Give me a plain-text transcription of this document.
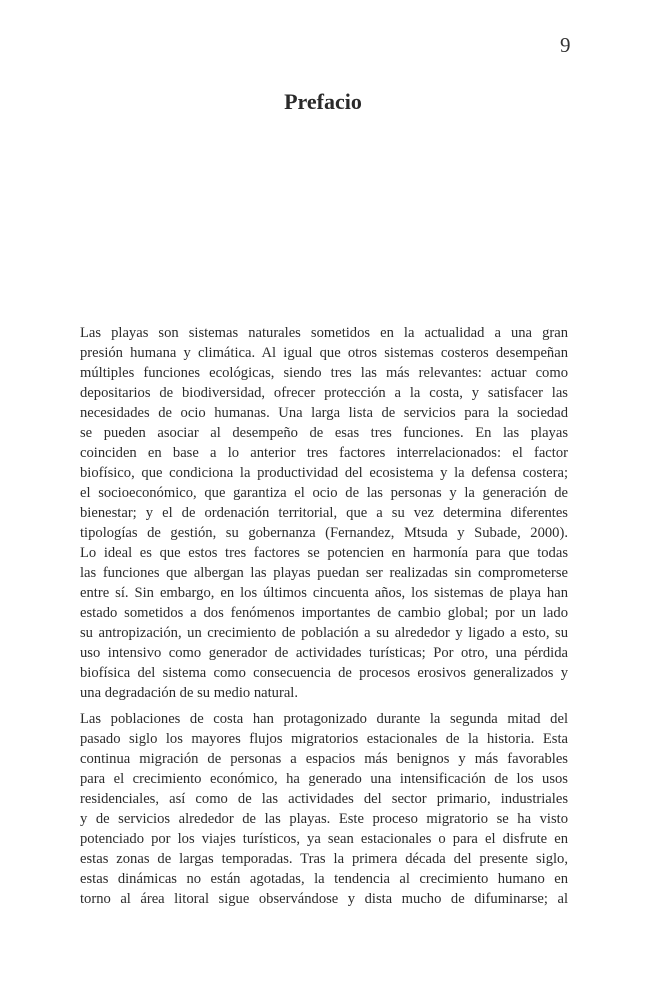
9
Prefacio

Las playas son sistemas naturales sometidos en la actualidad a una gran
presión humana y climática. Al igual que otros sistemas costeros desempeñan
múltiples funciones ecológicas, siendo tres las más relevantes: actuar como
depositarios de biodiversidad, ofrecer protección a la costa, y satisfacer las
necesidades de ocio humanas. Una larga lista de servicios para la sociedad
se pueden asociar al desempeño de esas tres funciones. En las playas
coinciden en base a lo anterior tres factores interrelacionados: el factor
biofísico, que condiciona la productividad del ecosistema y la defensa costera;
el socioeconómico, que garantiza el ocio de las personas y la generación de
bienestar; y el de ordenación territorial, que a su vez determina diferentes
tipologías de gestión, su gobernanza (Fernandez, Mtsuda y Subade, 2000).
Lo ideal es que estos tres factores se potencien en harmonía para que todas
las funciones que albergan las playas puedan ser realizadas sin comprometerse
entre sí. Sin embargo, en los últimos cincuenta años, los sistemas de playa han
estado sometidos a dos fenómenos importantes de cambio global; por un lado
su antropización, un crecimiento de población a su alrededor y ligado a esto, su
uso intensivo como generador de actividades turísticas; Por otro, una pérdida
biofísica del sistema como consecuencia de procesos erosivos generalizados y
una degradación de su medio natural.

Las poblaciones de costa han protagonizado durante la segunda mitad del
pasado siglo los mayores flujos migratorios estacionales de la historia. Esta
continua migración de personas a espacios más benignos y más favorables
para el crecimiento económico, ha generado una intensificación de los usos
residenciales, así como de las actividades del sector primario, industriales
y de servicios alrededor de las playas. Este proceso migratorio se ha visto
potenciado por los viajes turísticos, ya sean estacionales o para el disfrute en
estas zonas de largas temporadas. Tras la primera década del presente siglo,
estas dinámicas no están agotadas, la tendencia al crecimiento humano en
torno al área litoral sigue observándose y dista mucho de difuminarse; al
